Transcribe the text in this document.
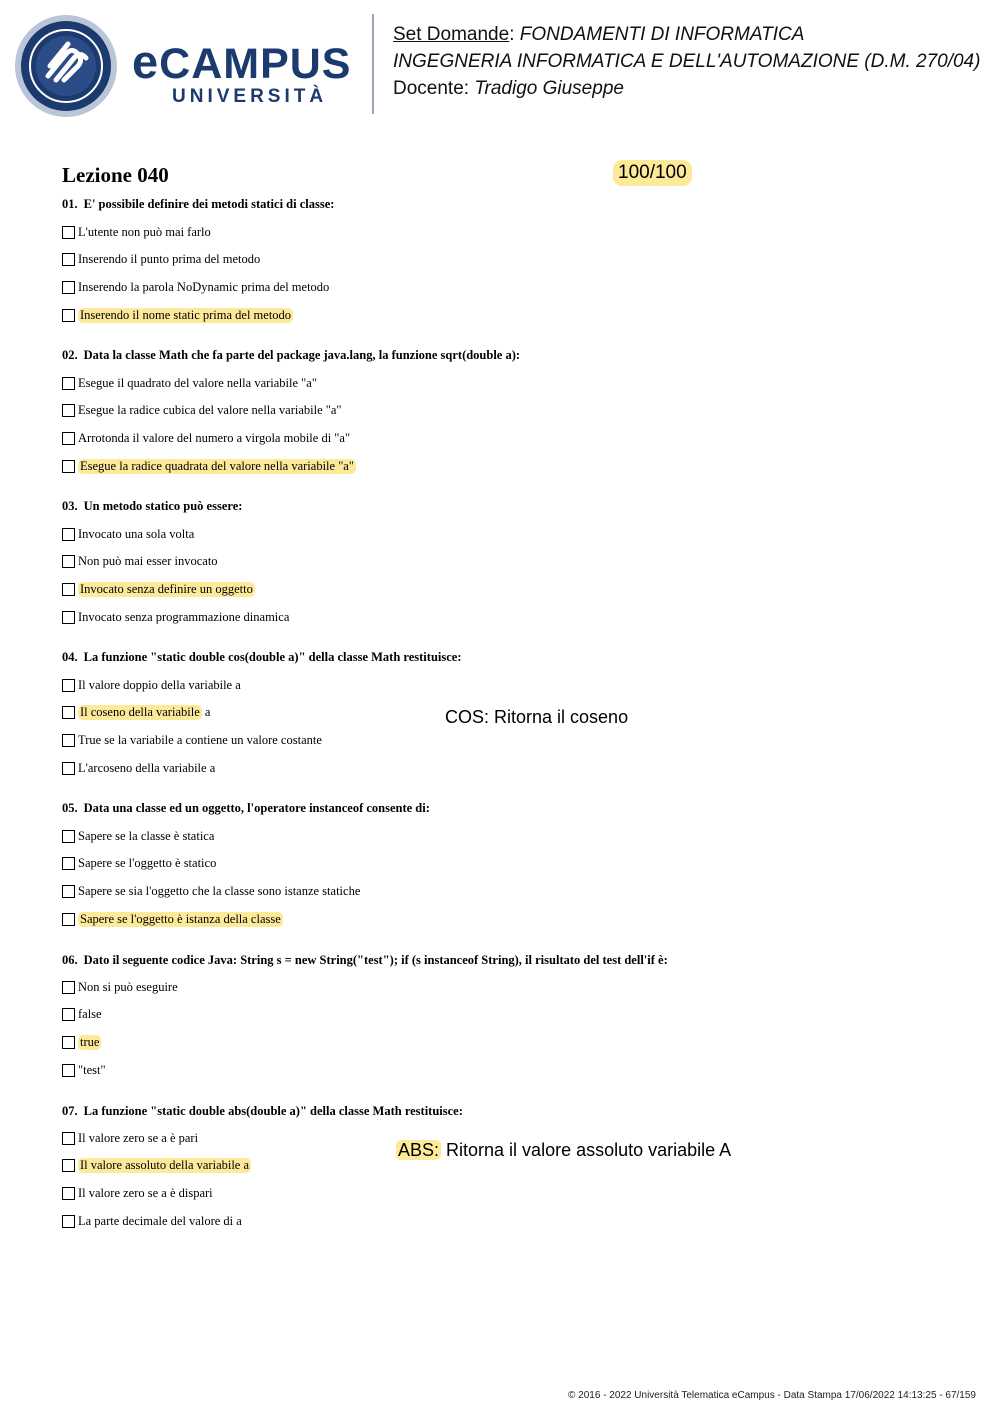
eCAMPUS
UNIVERSITÀ
Set Domande: FONDAMENTI DI INFORMATICA
INGEGNERIA INFORMATICA E DELL'AUTOMAZIONE (D.M. 270/04)
Docente: Tradigo Giuseppe
Lezione 040	100/100
01. E' possibile definire dei metodi statici di classe:
L'utente non può mai farlo
Inserendo il punto prima del metodo
Inserendo la parola NoDynamic prima del metodo
Inserendo il nome static prima del metodo
02. Data la classe Math che fa parte del package java.lang, la funzione sqrt(double a):
Esegue il quadrato del valore nella variabile "a"
Esegue la radice cubica del valore nella variabile "a"
Arrotonda il valore del numero a virgola mobile di "a"
Esegue la radice quadrata del valore nella variabile "a"
03. Un metodo statico può essere:
Invocato una sola volta
Non può mai esser invocato
Invocato senza definire un oggetto
Invocato senza programmazione dinamica
04. La funzione "static double cos(double a)" della classe Math restituisce:
Il valore doppio della variabile a
Il coseno della variabile a
True se la variabile a contiene un valore costante
L'arcoseno della variabile a
COS: Ritorna il coseno
05. Data una classe ed un oggetto, l'operatore instanceof consente di:
Sapere se la classe è statica
Sapere se l'oggetto è statico
Sapere se sia l'oggetto che la classe sono istanze statiche
Sapere se l'oggetto è istanza della classe
06. Dato il seguente codice Java: String s = new String("test"); if (s instanceof String), il risultato del test dell'if è:
Non si può eseguire
false
true
"test"
07. La funzione "static double abs(double a)" della classe Math restituisce:
Il valore zero se a è pari
Il valore assoluto della variabile a
Il valore zero se a è dispari
La parte decimale del valore di a
ABS: Ritorna il valore assoluto variabile A
© 2016 - 2022 Università Telematica eCampus - Data Stampa 17/06/2022 14:13:25 - 67/159
